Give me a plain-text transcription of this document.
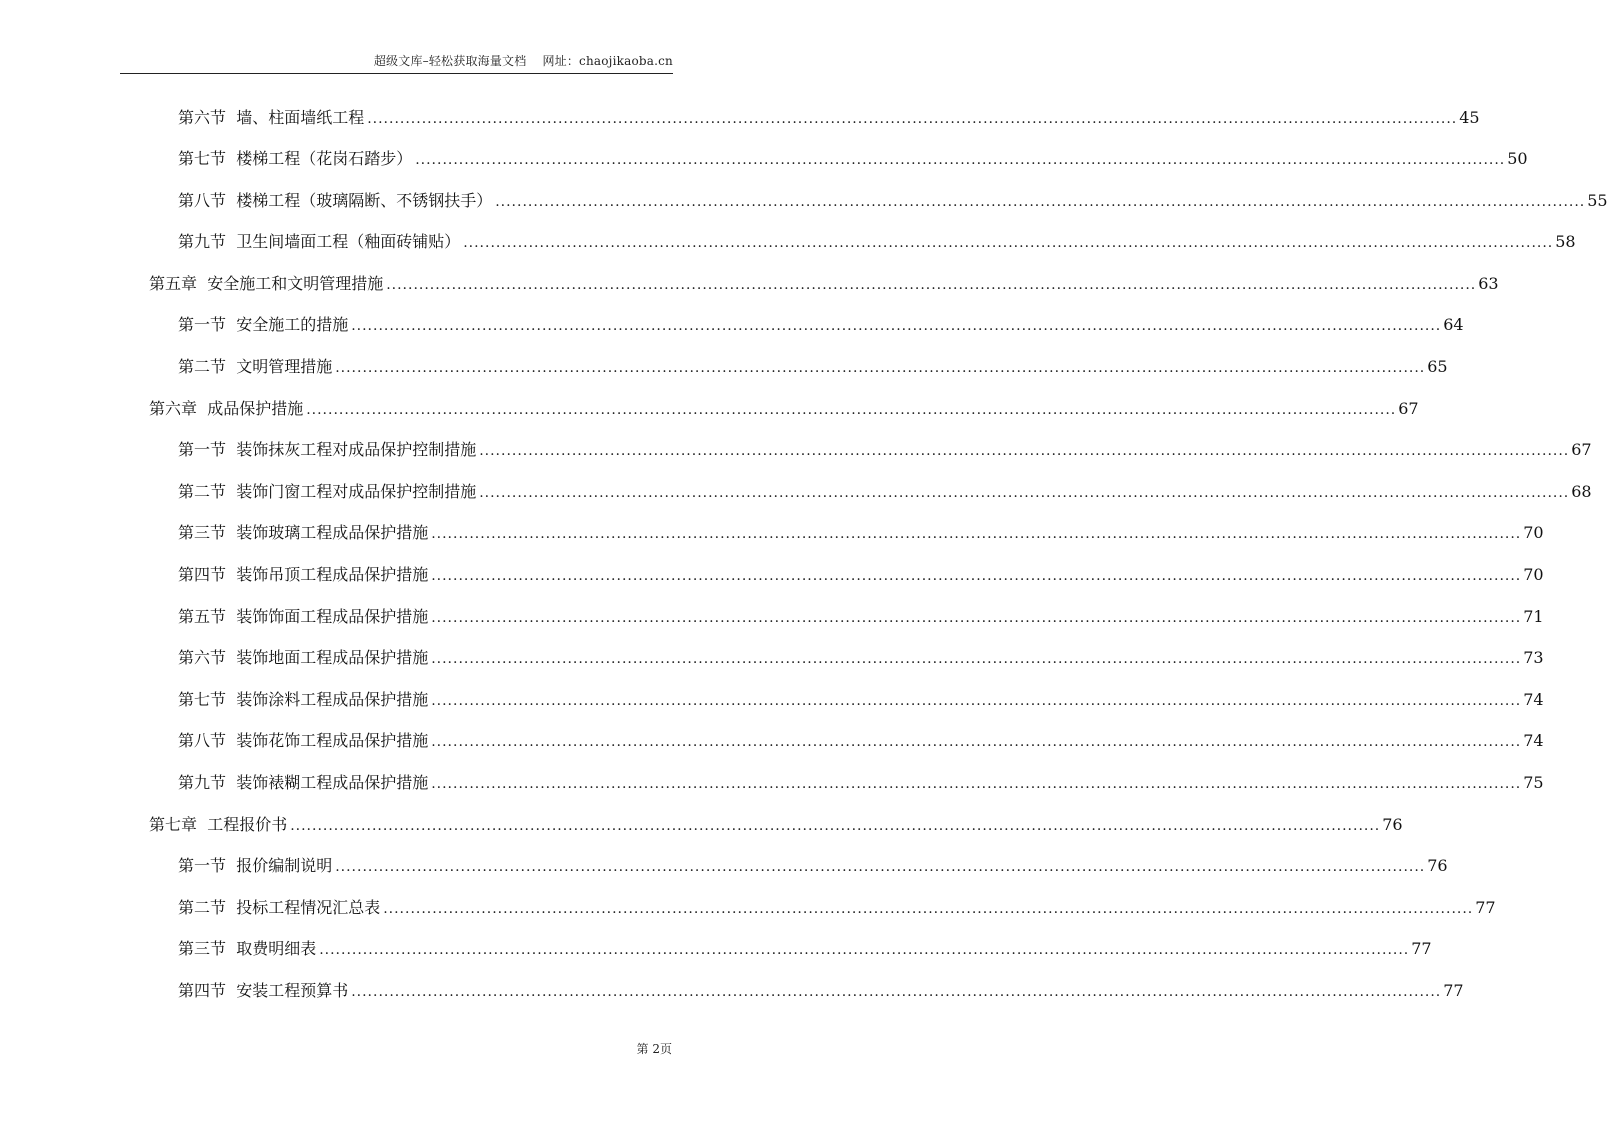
超级文库–轻松获取海量文档 网址：chaojikaoba.cn
第六节 墙、柱面墙纸工程 ........................................................................................................................................................................................................ 45
第七节 楼梯工程（花岗石踏步） ........................................................................................................................................................................................................ 50
第八节 楼梯工程（玻璃隔断、不锈钢扶手） ........................................................................................................................................................................................................ 55
第九节 卫生间墙面工程（釉面砖铺贴） ........................................................................................................................................................................................................ 58
第五章 安全施工和文明管理措施 ........................................................................................................................................................................................................ 63
第一节 安全施工的措施 ........................................................................................................................................................................................................ 64
第二节 文明管理措施 ........................................................................................................................................................................................................ 65
第六章 成品保护措施 ........................................................................................................................................................................................................ 67
第一节 装饰抹灰工程对成品保护控制措施 ........................................................................................................................................................................................................ 67
第二节 装饰门窗工程对成品保护控制措施 ........................................................................................................................................................................................................ 68
第三节 装饰玻璃工程成品保护措施 ........................................................................................................................................................................................................ 70
第四节 装饰吊顶工程成品保护措施 ........................................................................................................................................................................................................ 70
第五节 装饰饰面工程成品保护措施 ........................................................................................................................................................................................................ 71
第六节 装饰地面工程成品保护措施 ........................................................................................................................................................................................................ 73
第七节 装饰涂料工程成品保护措施 ........................................................................................................................................................................................................ 74
第八节 装饰花饰工程成品保护措施 ........................................................................................................................................................................................................ 74
第九节 装饰裱糊工程成品保护措施 ........................................................................................................................................................................................................ 75
第七章 工程报价书 ........................................................................................................................................................................................................ 76
第一节 报价编制说明 ........................................................................................................................................................................................................ 76
第二节 投标工程情况汇总表 ........................................................................................................................................................................................................ 77
第三节 取费明细表 ........................................................................................................................................................................................................ 77
第四节 安装工程预算书 ........................................................................................................................................................................................................ 77
第 2页
